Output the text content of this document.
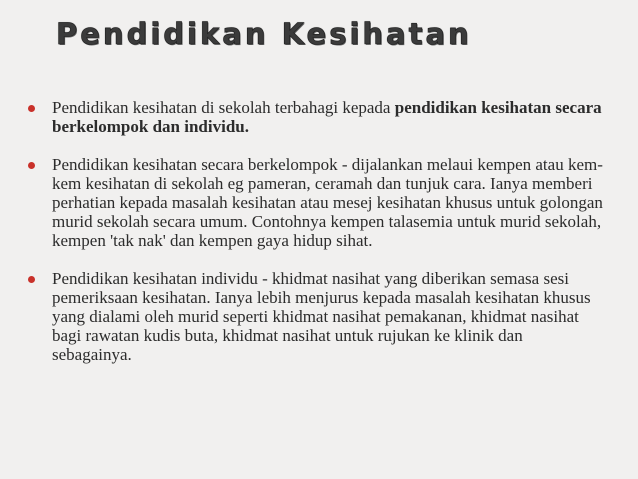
Pendidikan Kesihatan
Pendidikan kesihatan di sekolah terbahagi kepada pendidikan kesihatan secara berkelompok dan individu.
Pendidikan kesihatan secara berkelompok - dijalankan melaui kempen atau kem-kem kesihatan di sekolah eg pameran, ceramah dan tunjuk cara. Ianya memberi perhatian kepada masalah kesihatan atau mesej kesihatan khusus untuk golongan murid sekolah secara umum. Contohnya kempen talasemia untuk murid sekolah, kempen 'tak nak' dan kempen gaya hidup sihat.
Pendidikan kesihatan individu - khidmat nasihat yang diberikan semasa sesi pemeriksaan kesihatan. Ianya lebih menjurus kepada masalah kesihatan khusus yang dialami oleh murid seperti khidmat nasihat pemakanan, khidmat nasihat bagi rawatan kudis buta, khidmat nasihat untuk rujukan ke klinik dan sebagainya.
